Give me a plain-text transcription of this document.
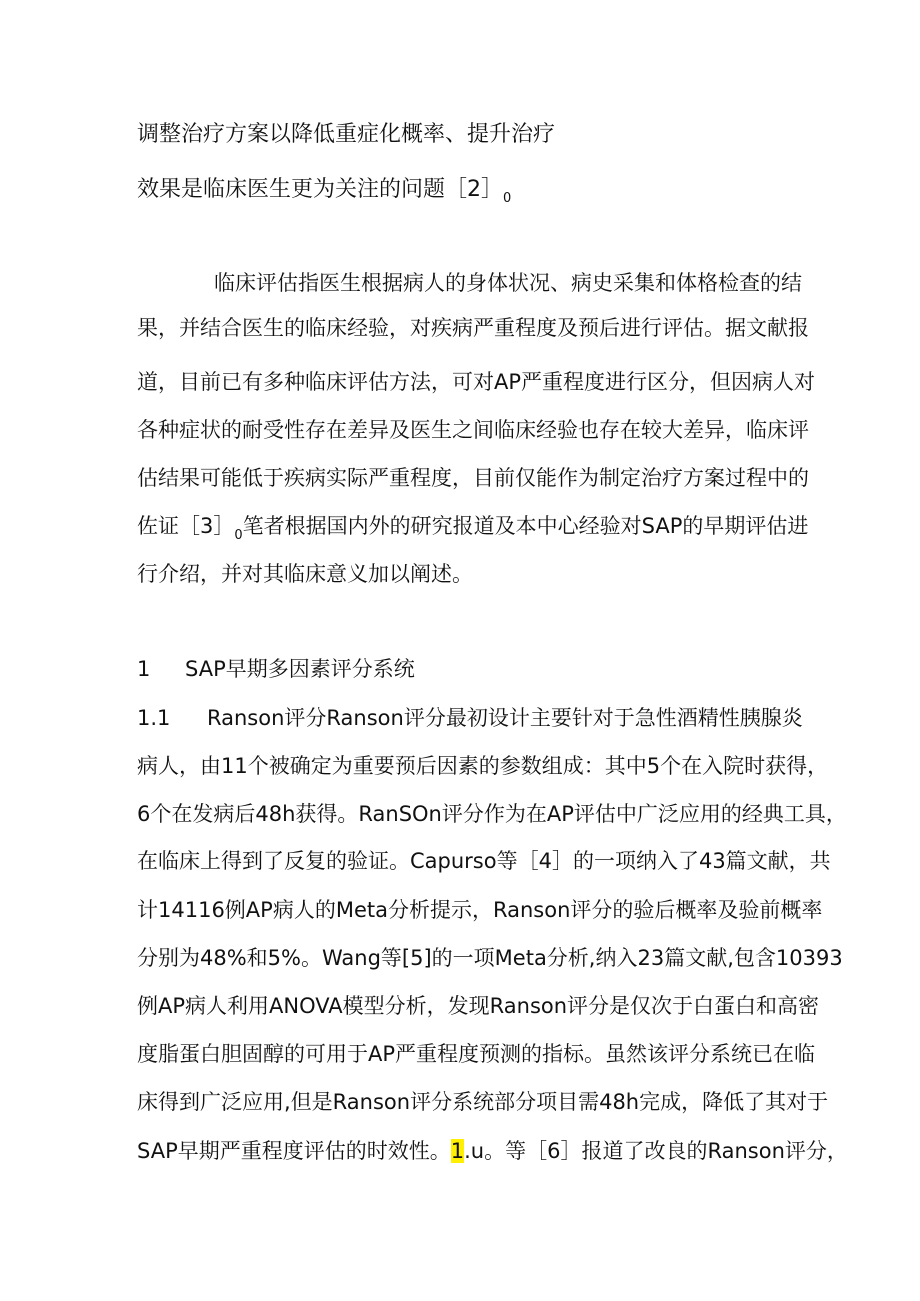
调整治疗方案以降低重症化概率、提升治疗
效果是临床医生更为关注的问题$[2]_0$
临床评估指医生根据病人的身体状况、病史采集和体格检查的结
果，并结合医生的临床经验，对疾病严重程度及预后进行评估。据文献报
道，目前已有多种临床评估方法，可对AP严重程度进行区分，但因病人对
各种症状的耐受性存在差异及医生之间临床经验也存在较大差异，临床评
估结果可能低于疾病实际严重程度，目前仅能作为制定治疗方案过程中的
佐证$[3]_0$笔者根据国内外的研究报道及本中心经验对SAP的早期评估进
行介绍，并对其临床意义加以阐述。
1 SAP早期多因素评分系统
1.1 Ranson评分Ranson评分最初设计主要针对于急性酒精性胰腺炎
病人，由11个被确定为重要预后因素的参数组成：其中5个在入院时获得，
6个在发病后48h获得。RanSOn评分作为在AP评估中广泛应用的经典工具，
在临床上得到了反复的验证。Capurso等［4］的一项纳入了43篇文献，共
计14116例AP病人的Meta分析提示，Ranson评分的验后概率及验前概率
分别为48%和5%。Wang等[5]的一项Meta分析,纳入23篇文献,包含10393
例AP病人利用ANOVA模型分析，发现Ranson评分是仅次于白蛋白和高密
度脂蛋白胆固醇的可用于AP严重程度预测的指标。虽然该评分系统已在临
床得到广泛应用,但是Ranson评分系统部分项目需48h完成，降低了其对于
SAP早期严重程度评估的时效性。1.u。等［6］报道了改良的Ranson评分，
